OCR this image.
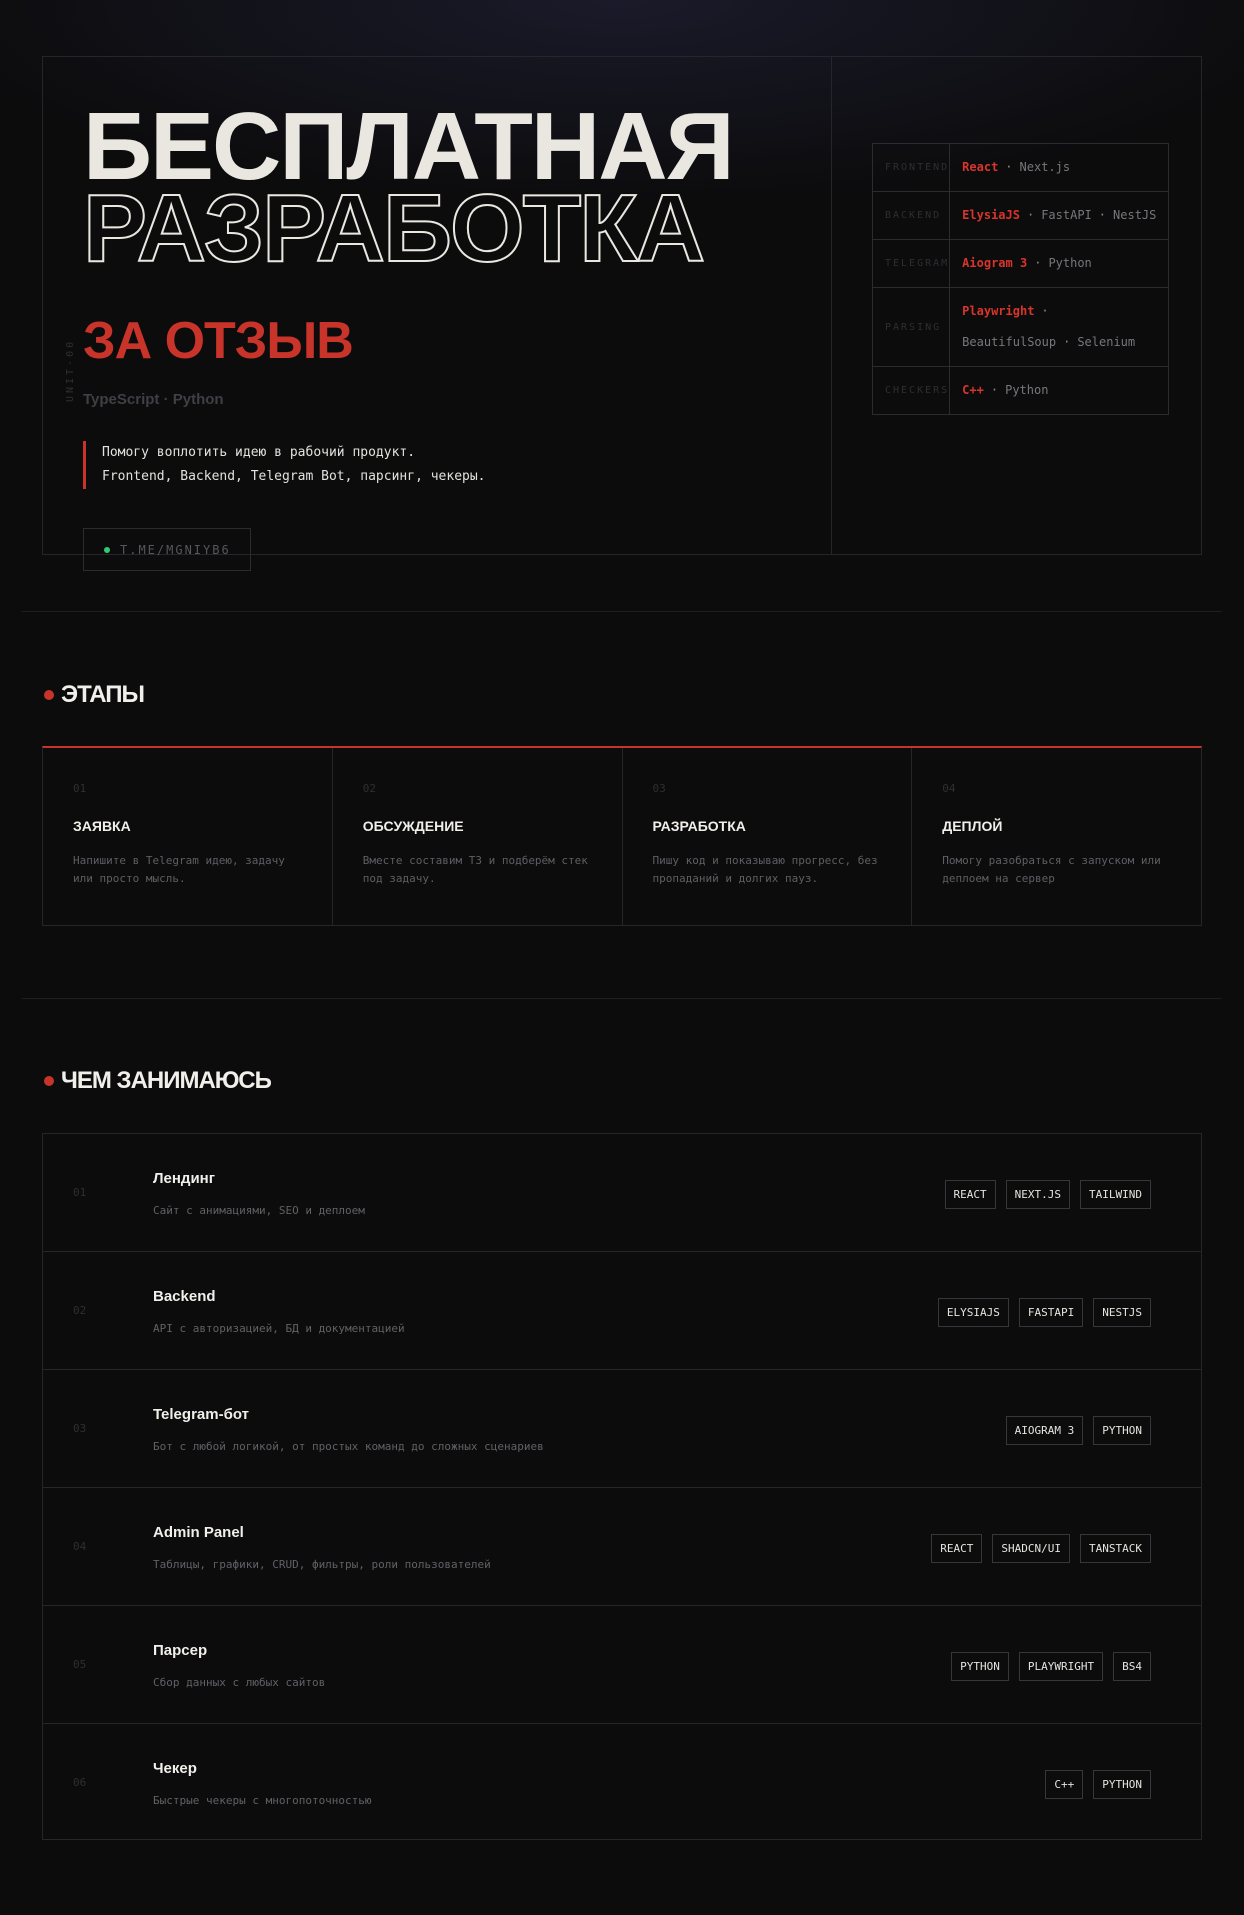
UNIT-00
БЕСПЛАТНАЯ
РАЗРАБОТКА
ЗА ОТЗЫВ
TypeScript · Python
Помогу воплотить идею в рабочий продукт.
Frontend, Backend, Telegram Bot, парсинг, чекеры.
T.ME/MGNIYB6
FRONTEND	React · Next.js
BACKEND	ElysiaJS · FastAPI · NestJS
TELEGRAM	Aiogram 3 · Python
PARSING	Playwright ·
BeautifulSoup · Selenium
CHECKERS	C++ · Python
ЭТАПЫ
01
ЗАЯВКА
Напишите в Telegram идею, задачу или просто мысль.
02
ОБСУЖДЕНИЕ
Вместе составим ТЗ и подберём стек под задачу.
03
РАЗРАБОТКА
Пишу код и показываю прогресс, без пропаданий и долгих пауз.
04
ДЕПЛОЙ
Помогу разобраться с запуском или деплоем на сервер
ЧЕМ ЗАНИМАЮСЬ
01
Лендинг
Сайт с анимациями, SEO и деплоем
REACT	NEXT.JS	TAILWIND
02
Backend
API с авторизацией, БД и документацией
ELYSIAJS	FASTAPI	NESTJS
03
Telegram-бот
Бот с любой логикой, от простых команд до сложных сценариев
AIOGRAM 3	PYTHON
04
Admin Panel
Таблицы, графики, CRUD, фильтры, роли пользователей
REACT	SHADCN/UI	TANSTACK
05
Парсер
Сбор данных с любых сайтов
PYTHON	PLAYWRIGHT	BS4
06
Чекер
Быстрые чекеры с многопоточностью
C++	PYTHON
